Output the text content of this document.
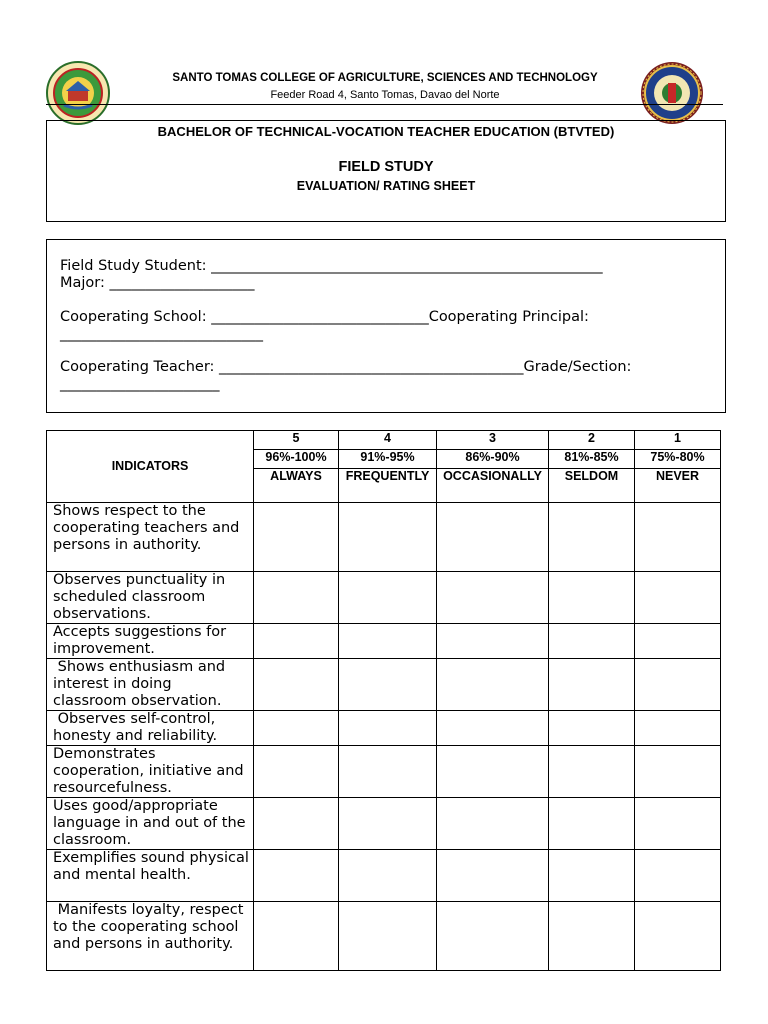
SANTO TOMAS COLLEGE OF AGRICULTURE, SCIENCES AND TECHNOLOGY
Feeder Road 4, Santo Tomas, Davao del Norte
BACHELOR OF TECHNICAL-VOCATION TEACHER EDUCATION (BTVTED)
FIELD STUDY
EVALUATION/ RATING SHEET
Field Study Student: ______________________________________________________
Major: ____________________
Cooperating School: ______________________________Cooperating Principal:
____________________________
Cooperating Teacher: __________________________________________Grade/Section:
______________________
INDICATORS	5	4	3	2	1
	96%-100%	91%-95%	86%-90%	81%-85%	75%-80%
	ALWAYS	FREQUENTLY	OCCASIONALLY	SELDOM	NEVER
Shows respect to the cooperating teachers and persons in authority.					
Observes punctuality in scheduled classroom observations.					
Accepts suggestions for improvement.					
Shows enthusiasm and interest in doing classroom observation.					
Observes self-control, honesty and reliability.					
Demonstrates cooperation, initiative and resourcefulness.					
Uses good/appropriate language in and out of the classroom.					
Exemplifies sound physical and mental health.					
Manifests loyalty, respect to the cooperating school and persons in authority.					
